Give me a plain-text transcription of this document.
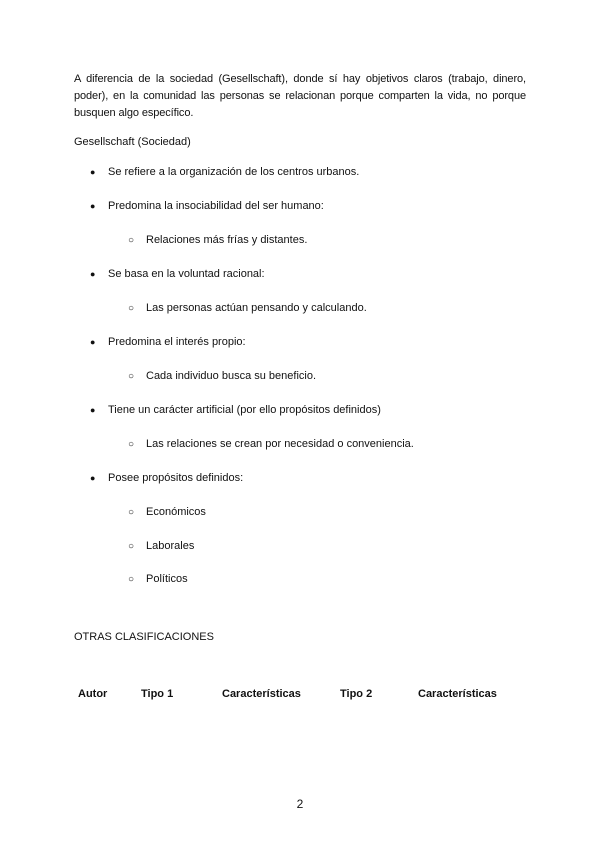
A diferencia de la sociedad (Gesellschaft), donde sí hay objetivos claros (trabajo, dinero, poder), en la comunidad las personas se relacionan porque comparten la vida, no porque busquen algo específico.

Gesellschaft (Sociedad)
● Se refiere a la organización de los centros urbanos.
● Predomina la insociabilidad del ser humano:
○ Relaciones más frías y distantes.
● Se basa en la voluntad racional:
○ Las personas actúan pensando y calculando.
● Predomina el interés propio:
○ Cada individuo busca su beneficio.
● Tiene un carácter artificial (por ello propósitos definidos)
○ Las relaciones se crean por necesidad o conveniencia.
● Posee propósitos definidos:
○ Económicos
○ Laborales
○ Políticos
OTRAS CLASIFICACIONES
Autor	Tipo 1	Características	Tipo 2	Características
2
